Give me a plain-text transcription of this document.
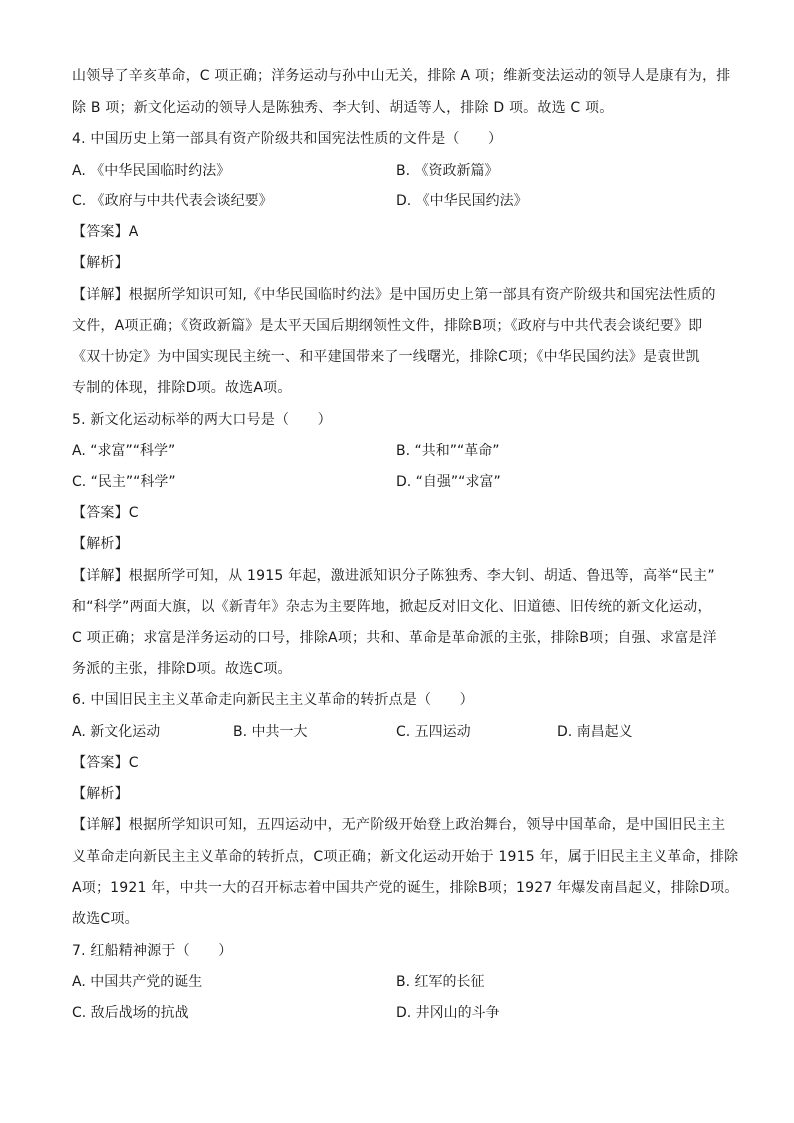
山领导了辛亥革命，C 项正确；洋务运动与孙中山无关，排除 A 项；维新变法运动的领导人是康有为，排
除 B 项；新文化运动的领导人是陈独秀、李大钊、胡适等人，排除 D 项。故选 C 项。
4. 中国历史上第一部具有资产阶级共和国宪法性质的文件是（　　）
A. 《中华民国临时约法》	B. 《资政新篇》
C. 《政府与中共代表会谈纪要》	D. 《中华民国约法》
【答案】A
【解析】
【详解】根据所学知识可知,《中华民国临时约法》是中国历史上第一部具有资产阶级共和国宪法性质的
文件，A项正确；《资政新篇》是太平天国后期纲领性文件，排除B项；《政府与中共代表会谈纪要》即
《双十协定》为中国实现民主统一、和平建国带来了一线曙光，排除C项；《中华民国约法》是袁世凯
专制的体现，排除D项。故选A项。
5. 新文化运动标举的两大口号是（　　）
A. “求富”“科学”	B. “共和”“革命”
C. “民主”“科学”	D. “自强”“求富”
【答案】C
【解析】
【详解】根据所学可知，从 1915 年起，激进派知识分子陈独秀、李大钊、胡适、鲁迅等，高举“民主”
和“科学”两面大旗，以《新青年》杂志为主要阵地，掀起反对旧文化、旧道德、旧传统的新文化运动，
C 项正确；求富是洋务运动的口号，排除A项；共和、革命是革命派的主张，排除B项；自强、求富是洋
务派的主张，排除D项。故选C项。
6. 中国旧民主主义革命走向新民主主义革命的转折点是（　　）
A. 新文化运动	B. 中共一大	C. 五四运动	D. 南昌起义
【答案】C
【解析】
【详解】根据所学知识可知，五四运动中，无产阶级开始登上政治舞台，领导中国革命，是中国旧民主主
义革命走向新民主主义革命的转折点，C项正确；新文化运动开始于 1915 年，属于旧民主主义革命，排除
A项；1921 年，中共一大的召开标志着中国共产党的诞生，排除B项；1927 年爆发南昌起义，排除D项。
故选C项。
7. 红船精神源于（　　）
A. 中国共产党的诞生	B. 红军的长征
C. 敌后战场的抗战	D. 井冈山的斗争
